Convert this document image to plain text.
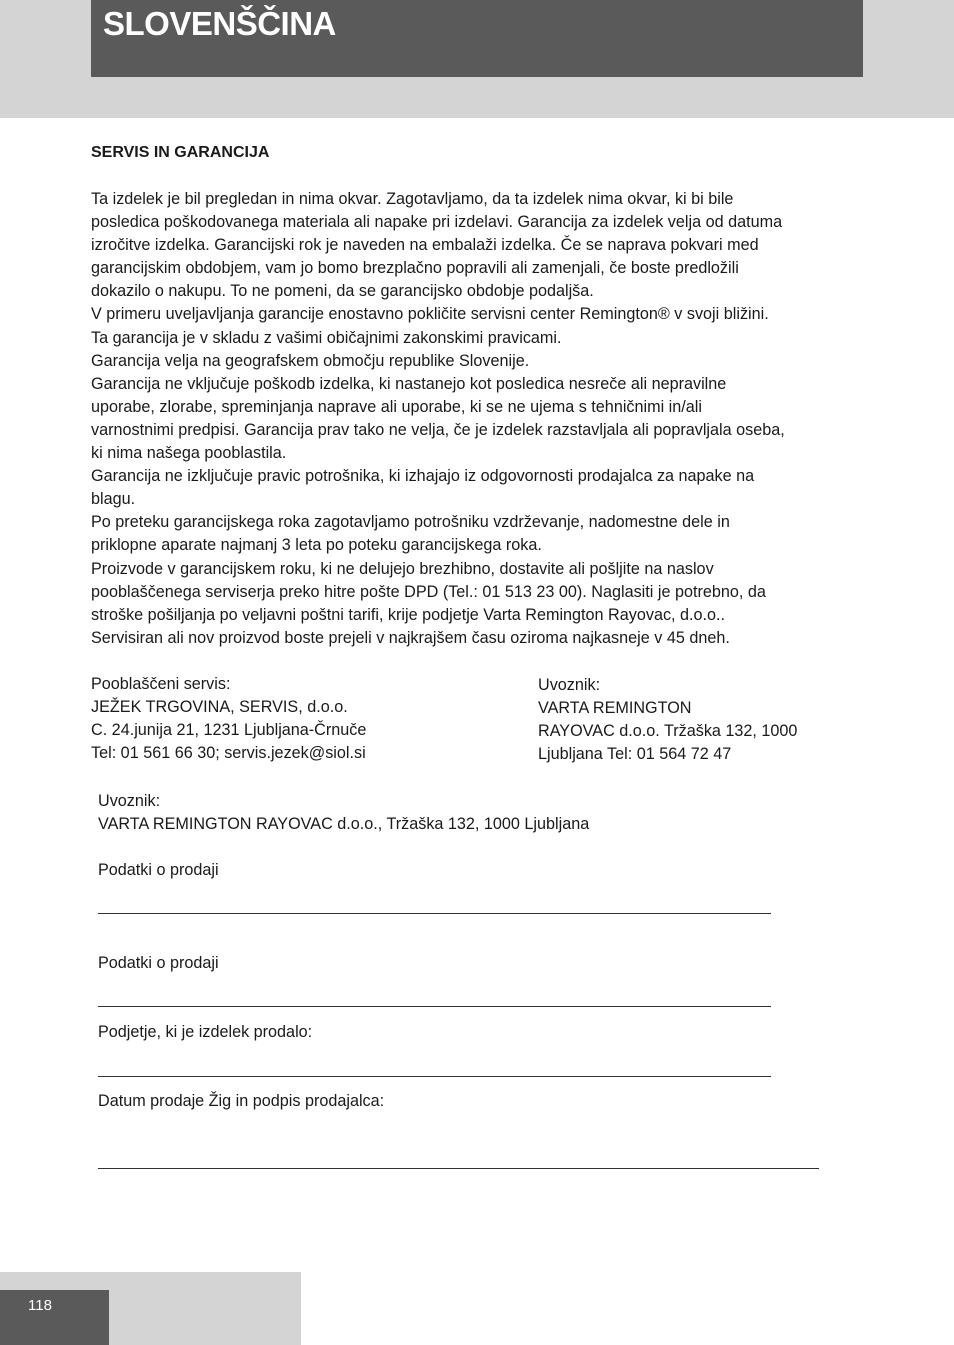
SLOVENŠČINA
SERVIS IN GARANCIJA
Ta izdelek je bil pregledan in nima okvar. Zagotavljamo, da ta izdelek nima okvar, ki bi bile
posledica poškodovanega materiala ali napake pri izdelavi. Garancija za izdelek velja od datuma
izročitve izdelka. Garancijski rok je naveden na embalaži izdelka. Če se naprava pokvari med
garancijskim obdobjem, vam jo bomo brezplačno popravili ali zamenjali, če boste predložili
dokazilo o nakupu. To ne pomeni, da se garancijsko obdobje podaljša.
V primeru uveljavljanja garancije enostavno pokličite servisni center Remington® v svoji bližini.
Ta garancija je v skladu z vašimi običajnimi zakonskimi pravicami.
Garancija velja na geografskem območju republike Slovenije.
Garancija ne vključuje poškodb izdelka, ki nastanejo kot posledica nesreče ali nepravilne
uporabe, zlorabe, spreminjanja naprave ali uporabe, ki se ne ujema s tehničnimi in/ali
varnostnimi predpisi. Garancija prav tako ne velja, če je izdelek razstavljala ali popravljala oseba,
ki nima našega pooblastila.
Garancija ne izključuje pravic potrošnika, ki izhajajo iz odgovornosti prodajalca za napake na
blagu.
Po preteku garancijskega roka zagotavljamo potrošniku vzdrževanje, nadomestne dele in
priklopne aparate najmanj 3 leta po poteku garancijskega roka.
Proizvode v garancijskem roku, ki ne delujejo brezhibno, dostavite ali pošljite na naslov
pooblaščenega serviserja preko hitre pošte DPD (Tel.: 01 513 23 00). Naglasiti je potrebno, da
stroške pošiljanja po veljavni poštni tarifi, krije podjetje Varta Remington Rayovac, d.o.o..
Servisiran ali nov proizvod boste prejeli v najkrajšem času oziroma najkasneje v 45 dneh.
Pooblaščeni servis:
JEŽEK TRGOVINA, SERVIS, d.o.o.
C. 24.junija 21, 1231 Ljubljana-Črnuče
Tel: 01 561 66 30; servis.jezek@siol.si
Uvoznik:
VARTA REMINGTON
RAYOVAC d.o.o. Tržaška 132, 1000
Ljubljana Tel: 01 564 72 47
Uvoznik:
VARTA REMINGTON RAYOVAC d.o.o., Tržaška 132, 1000 Ljubljana
Podatki o prodaji
Podatki o prodaji
Podjetje, ki je izdelek prodalo:
Datum prodaje Žig in podpis prodajalca:
118
